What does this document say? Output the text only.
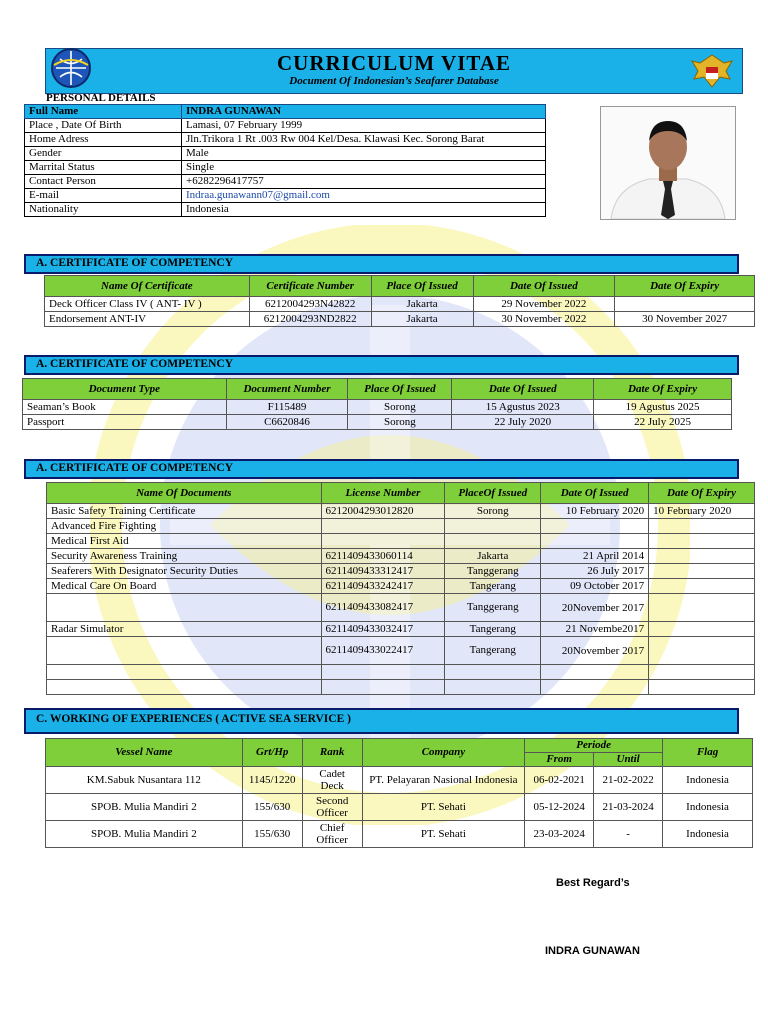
CURRICULUM VITAE
Document Of Indonesian’s Seafarer Database
PERSONAL DETAILS
Full Name	INDRA GUNAWAN
Place , Date Of Birth	Lamasi, 07 February 1999
Home Adress	Jln.Trikora 1 Rt .003 Rw 004 Kel/Desa. Klawasi Kec. Sorong Barat
Gender	Male
Marrital Status	Single
Contact Person	+6282296417757
E-mail	Indraa.gunawann07@gmail.com
Nationality	Indonesia
A. CERTIFICATE OF COMPETENCY
Name Of Certificate	Certificate Number	Place Of Issued	Date Of Issued	Date Of Expiry
Deck Officer Class IV ( ANT- IV )	6212004293N42822	Jakarta	29 November 2022	
Endorsement ANT-IV	6212004293ND2822	Jakarta	30 November 2022	30 November 2027
A. CERTIFICATE OF COMPETENCY
Document Type	Document Number	Place Of Issued	Date Of Issued	Date Of Expiry
Seaman’s Book	F115489	Sorong	15 Agustus 2023	19 Agustus 2025
Passport	C6620846	Sorong	22 July 2020	22 July 2025
A. CERTIFICATE OF COMPETENCY
Name Of Documents	License Number	PlaceOf Issued	Date Of Issued	Date Of Expiry
Basic Safety Training Certificate	6212004293012820	Sorong	10 February 2020	10 February 2020
Advanced Fire Fighting				
Medical First Aid				
Security Awareness Training	6211409433060114	Jakarta	21 April 2014	
Seaferers With Designator Security Duties	6211409433312417	Tanggerang	26 July 2017	
Medical Care On Board	6211409433242417	Tangerang	09 October 2017	
	6211409433082417	Tanggerang	20November 2017	
Radar Simulator	6211409433032417	Tangerang	21 Novembe2017	
	6211409433022417	Tangerang	20November 2017	

C. WORKING OF EXPERIENCES ( ACTIVE SEA SERVICE )
Vessel Name	Grt/Hp	Rank	Company	Periode		Flag
				From	Until	
KM.Sabuk Nusantara 112	1145/1220	Cadet Deck	PT. Pelayaran Nasional Indonesia	06-02-2021	21-02-2022	Indonesia
SPOB. Mulia Mandiri 2	155/630	Second Officer	PT. Sehati	05-12-2024	21-03-2024	Indonesia
SPOB. Mulia Mandiri 2	155/630	Chief Officer	PT. Sehati	23-03-2024	-	Indonesia
Best Regard’s
INDRA GUNAWAN
